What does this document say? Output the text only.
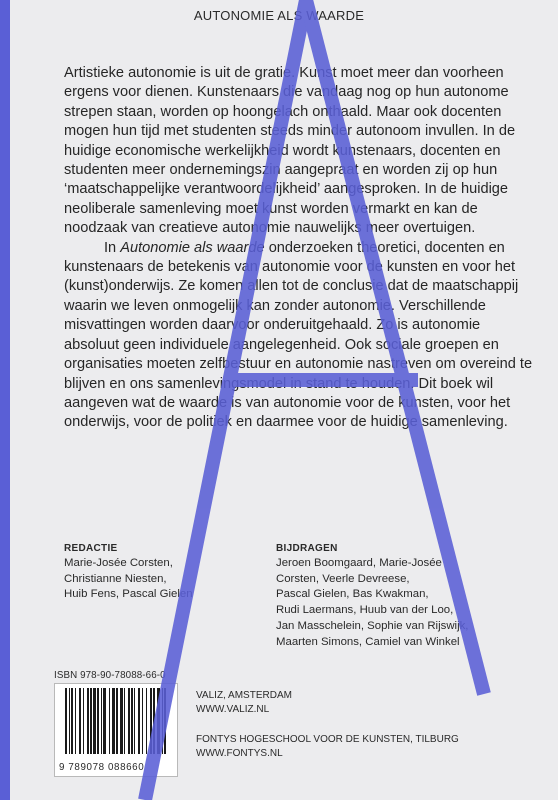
AUTONOMIE ALS WAARDE

Artistieke autonomie is uit de gratie. Kunst moet meer dan voorheen ergens voor dienen. Kunstenaars die vandaag nog op hun autonome strepen staan, worden op hoongelach onthaald. Maar ook docenten mogen hun tijd met studenten steeds minder autonoom invullen. In de huidige economische werkelijkheid wordt kunstenaars, docenten en studenten meer ondernemingszin aangepraat en worden zij op hun ‘maatschappelijke verantwoordelijkheid’ aangesproken. In de huidige neoliberale samenleving moet kunst worden vermarkt en kan de noodzaak van creatieve autonomie nauwelijks meer overtuigen.

In Autonomie als waarde onderzoeken theoretici, docenten en kunstenaars de betekenis van autonomie voor de kunsten en voor het (kunst)onderwijs. Ze komen allen tot de conclusie dat de maatschappij waarin we leven onmogelijk kan zonder autonomie. Verschillende misvattingen worden daarvoor onderuitgehaald. Zo is autonomie absoluut geen individuele aangelegenheid. Ook sociale groepen en organisaties moeten zelfbestuur en autonomie nastreven om overeind te blijven en ons samenlevingsmodel in stand te houden. Dit boek wil aangeven wat de waarde is van autonomie voor de kunsten, voor het onderwijs, voor de politiek en daarmee voor de huidige samenleving.

REDACTIE
Marie-Josée Corsten,
Christianne Niesten,
Huib Fens, Pascal Gielen
BIJDRAGEN
Jeroen Boomgaard, Marie-Josée
Corsten, Veerle Devreese,
Pascal Gielen, Bas Kwakman,
Rudi Laermans, Huub van der Loo,
Jan Masschelein, Sophie van Rijswijk,
Maarten Simons, Camiel van Winkel
ISBN 978-90-78088-66-0
9 789078 088660
VALIZ, AMSTERDAM
WWW.VALIZ.NL
FONTYS HOGESCHOOL VOOR DE KUNSTEN, TILBURG
WWW.FONTYS.NL
